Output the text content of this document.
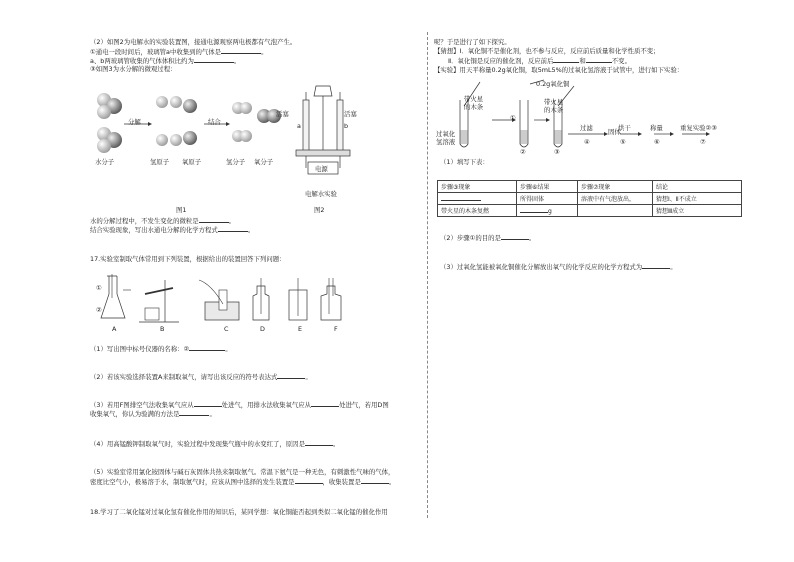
（2）如图2为电解水的实验装置图，接通电源观察两电极都有气泡产生。
①通电一段时间后，玻璃管a中收集到的气体是	。
a、b两玻璃管收集的气体体积比约为	。
③如图3为水分解的微观过程：
分解	结合
水分子	氢原子 氧原子	氢分子 氧分子
图1
活塞	活塞
a	b
电源
电解水实验
图2
水的分解过程中，不发生变化的微粒是	。
结合实验现象，写出水通电分解的化学方程式	。
17.实验室制取气体常用到下列装置，根据给出的装置回答下列问题：
①
②
A	B	C	D	E	F
（1）写出图中标号仪器的名称：②	。
（2）若该实验选择装置A来制取氧气，请写出该反应的符号表达式	。
（3）若用F图排空气法收集氧气应从	处进气，用排水法收集氧气应从	处进气，若用D图
收集氧气，你认为验满的方法是	。
（4）用高锰酸钾制取氧气时，实验过程中发现集气瓶中的水变红了，原因是	。
（5）实验室常用氯化铵固体与碱石灰固体共热来制取氨气。常温下氨气是一种无色，有刺激性气味的气体，
密度比空气小，极易溶于水，制取氨气时，应该从图中选择的发生装置是	，收集装置是	。
18.学习了二氧化锰对过氧化氢有催化作用的知识后，某同学想：氧化铜能否起到类似二氧化锰的催化作用
呢？于是进行了如下探究。
【猜想】Ⅰ．氧化铜不是催化剂，也不参与反应，反应前后质量和化学性质不变；
Ⅱ．氧化铜是反应的催化剂，反应前后	和	不变。
【实验】用天平称量0.2g氧化铜，取5mL5%的过氧化氢溶液于试管中，进行如下实验：
0.2g氧化铜
带火星
的木条
带火星
的木条
过氧化
氢溶液
①
②	③
过滤
④
固体
烘干
⑤
称量
⑥
重复实验②③
⑦
（1）填写下表：
步骤③现象	步骤⑥结果	步骤⑦现象	结论
	所得固体	溶液中有气泡放出，	猜想Ⅰ、Ⅱ不成立
带火星的木条复燃	g		猜想Ⅲ成立
（2）步骤①的目的是	。
（3）过氧化氢能被氧化铜催化分解放出氧气的化学反应的化学方程式为	。
